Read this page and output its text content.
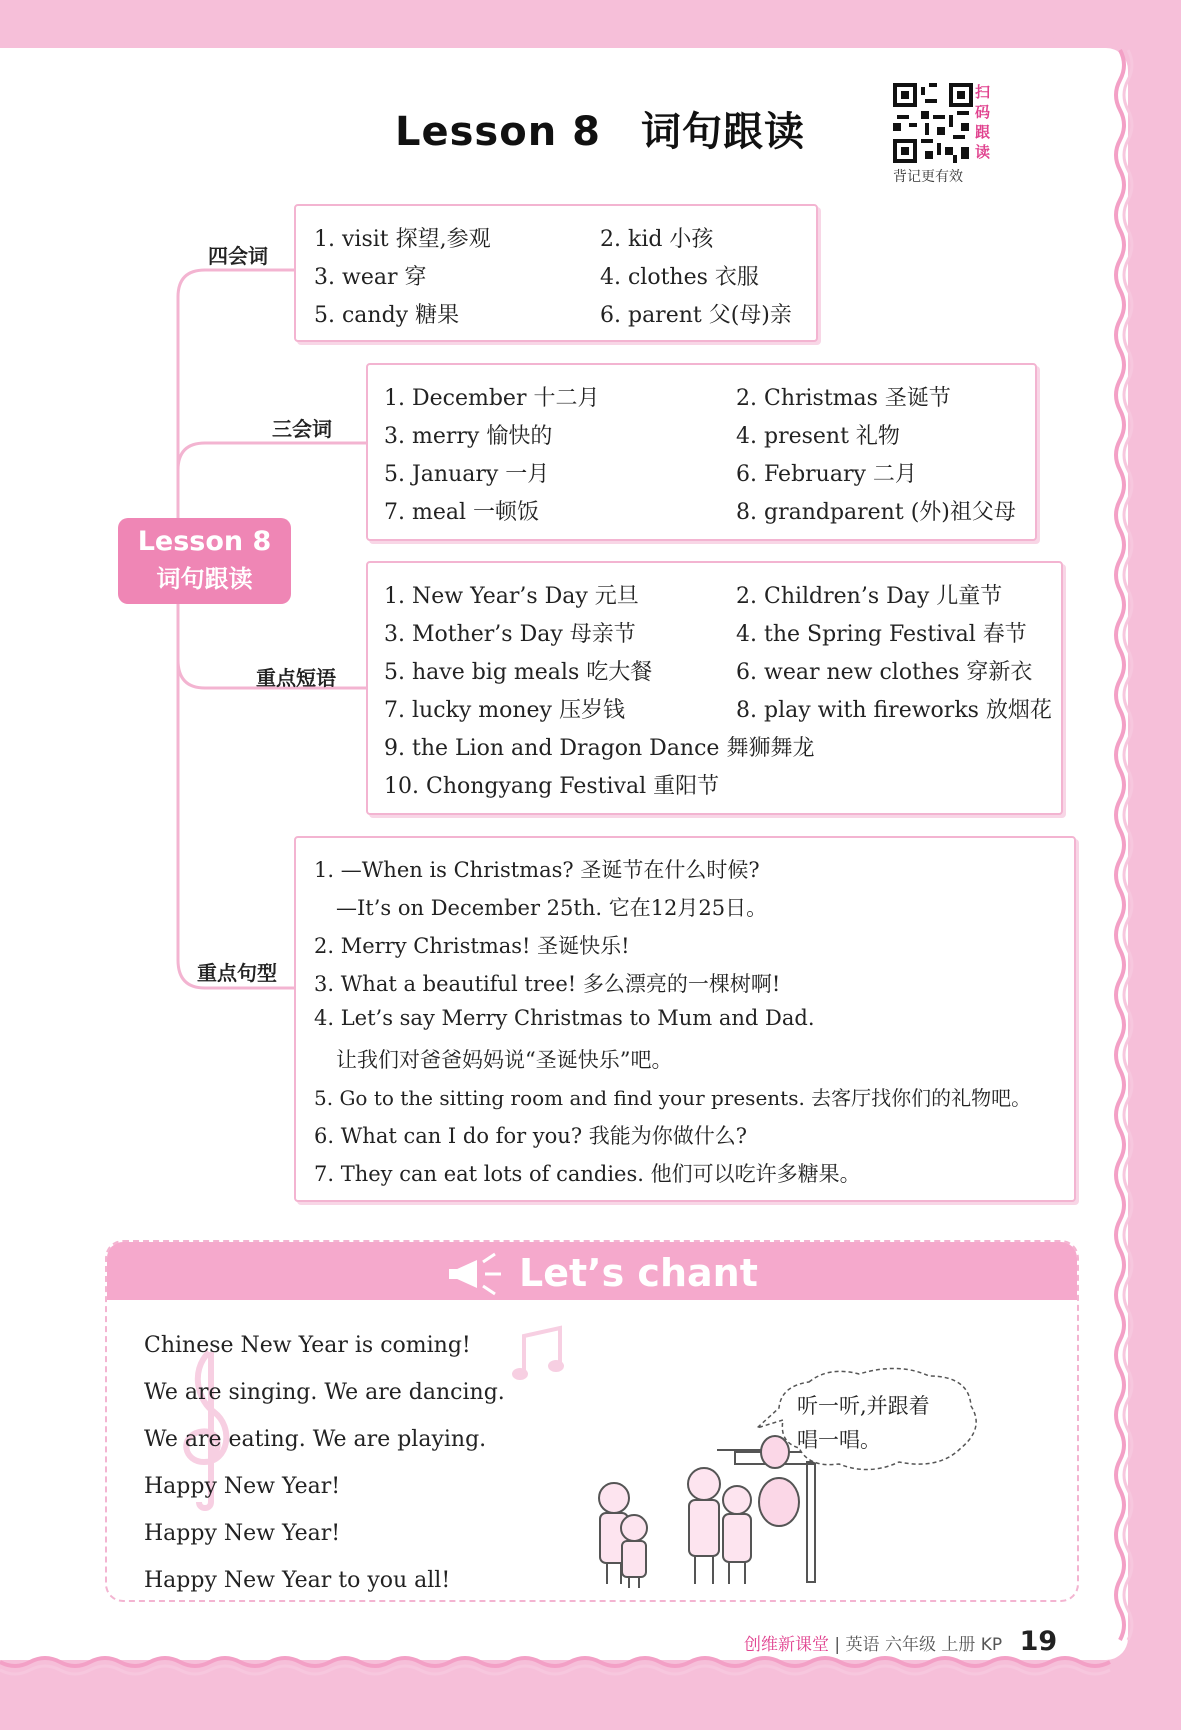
Lesson 8 词句跟读
扫
码
跟
读
背记更有效
Lesson 8
词句跟读
四会词
三会词
重点短语
重点句型
1. visit 探望,参观	2. kid 小孩
3. wear 穿	4. clothes 衣服
5. candy 糖果	6. parent 父(母)亲
1. December 十二月	2. Christmas 圣诞节
3. merry 愉快的	4. present 礼物
5. January 一月	6. February 二月
7. meal 一顿饭	8. grandparent (外)祖父母
1. New Year’s Day 元旦	2. Children’s Day 儿童节
3. Mother’s Day 母亲节	4. the Spring Festival 春节
5. have big meals 吃大餐	6. wear new clothes 穿新衣
7. lucky money 压岁钱	8. play with fireworks 放烟花
9. the Lion and Dragon Dance 舞狮舞龙
10. Chongyang Festival 重阳节
1. —When is Christmas? 圣诞节在什么时候?
—It’s on December 25th. 它在12月25日。
2. Merry Christmas! 圣诞快乐!
3. What a beautiful tree! 多么漂亮的一棵树啊!
4. Let’s say Merry Christmas to Mum and Dad.
让我们对爸爸妈妈说“圣诞快乐”吧。
5. Go to the sitting room and find your presents. 去客厅找你们的礼物吧。
6. What can I do for you? 我能为你做什么?
7. They can eat lots of candies. 他们可以吃许多糖果。
Let’s chant
Chinese New Year is coming!
We are singing. We are dancing.
We are eating. We are playing.
Happy New Year!
Happy New Year!
Happy New Year to you all!
听一听,并跟着
唱一唱。
创维新课堂 | 英语 六年级 上册 KP 19
